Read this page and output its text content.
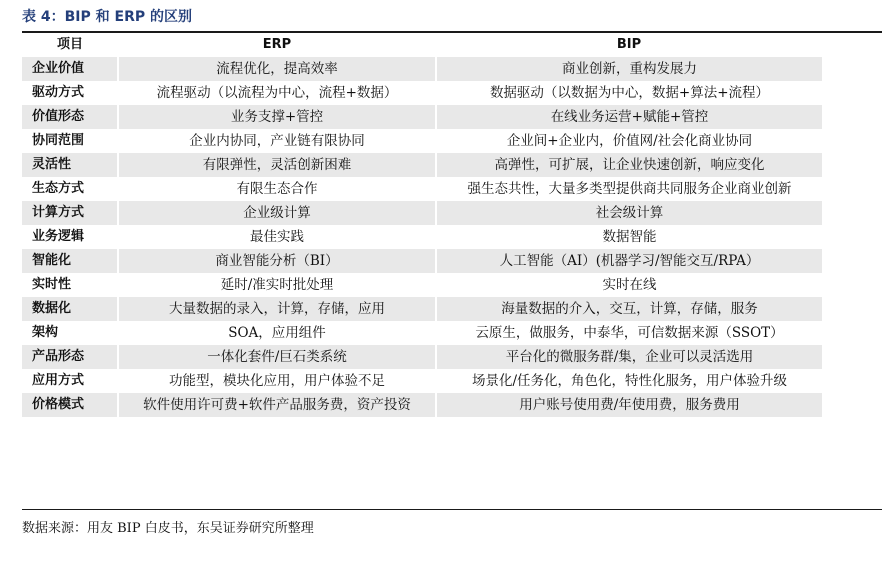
表 4：BIP 和 ERP 的区别
项目	ERP	BIP	
企业价值	流程优化，提高效率	商业创新，重构发展力	
驱动方式	流程驱动（以流程为中心，流程+数据）	数据驱动（以数据为中心，数据+算法+流程）	
价值形态	业务支撑+管控	在线业务运营+赋能+管控	
协同范围	企业内协同，产业链有限协同	企业间+企业内，价值网/社会化商业协同	
灵活性	有限弹性，灵活创新困难	高弹性，可扩展，让企业快速创新，响应变化	
生态方式	有限生态合作	强生态共性，大量多类型提供商共同服务企业商业创新	
计算方式	企业级计算	社会级计算	
业务逻辑	最佳实践	数据智能	
智能化	商业智能分析（BI）	人工智能（AI）(机器学习/智能交互/RPA）	
实时性	延时/准实时批处理	实时在线	
数据化	大量数据的录入，计算，存储，应用	海量数据的介入，交互，计算，存储，服务	
架构	SOA，应用组件	云原生，做服务，中泰华，可信数据来源（SSOT）	
产品形态	一体化套件/巨石类系统	平台化的微服务群/集，企业可以灵活选用	
应用方式	功能型，模块化应用，用户体验不足	场景化/任务化，角色化，特性化服务，用户体验升级	
价格模式	软件使用许可费+软件产品服务费，资产投资	用户账号使用费/年使用费，服务费用	
数据来源：用友 BIP 白皮书，东吴证券研究所整理
